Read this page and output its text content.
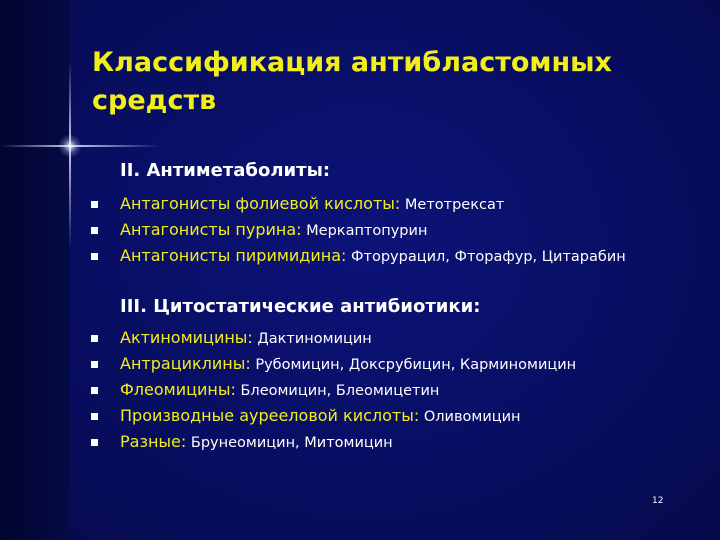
Классификация антибластомных средств
II. Антиметаболиты:
Антагонисты фолиевой кислоты: Метотрексат
Антагонисты пурина: Меркаптопурин
Антагонисты пиримидина: Фторурацил, Фторафур, Цитарабин
III. Цитостатические антибиотики:
Актиномицины: Дактиномицин
Антрациклины: Рубомицин, Доксрубицин, Карминомицин
Флеомицины: Блеомицин, Блеомицетин
Производные аурееловой кислоты: Оливомицин
Разные: Брунеомицин, Митомицин
12
